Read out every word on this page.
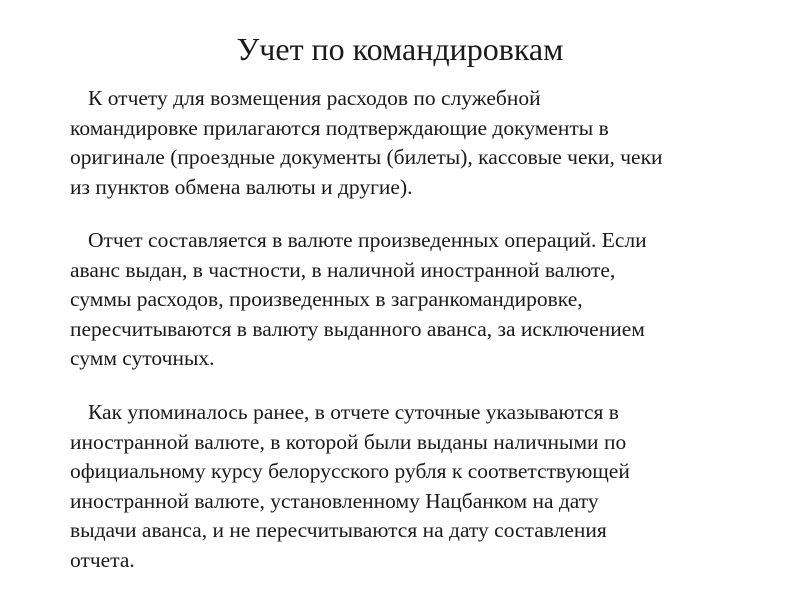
Учет по командировкам

К отчету для возмещения расходов по служебной
командировке прилагаются подтверждающие документы в
оригинале (проездные документы (билеты), кассовые чеки, чеки
из пунктов обмена валюты и другие).

Отчет составляется в валюте произведенных операций. Если
аванс выдан, в частности, в наличной иностранной валюте,
суммы расходов, произведенных в загранкомандировке,
пересчитываются в валюту выданного аванса, за исключением
сумм суточных.

Как упоминалось ранее, в отчете суточные указываются в
иностранной валюте, в которой были выданы наличными по
официальному курсу белорусского рубля к соответствующей
иностранной валюте, установленному Нацбанком на дату
выдачи аванса, и не пересчитываются на дату составления
отчета.
